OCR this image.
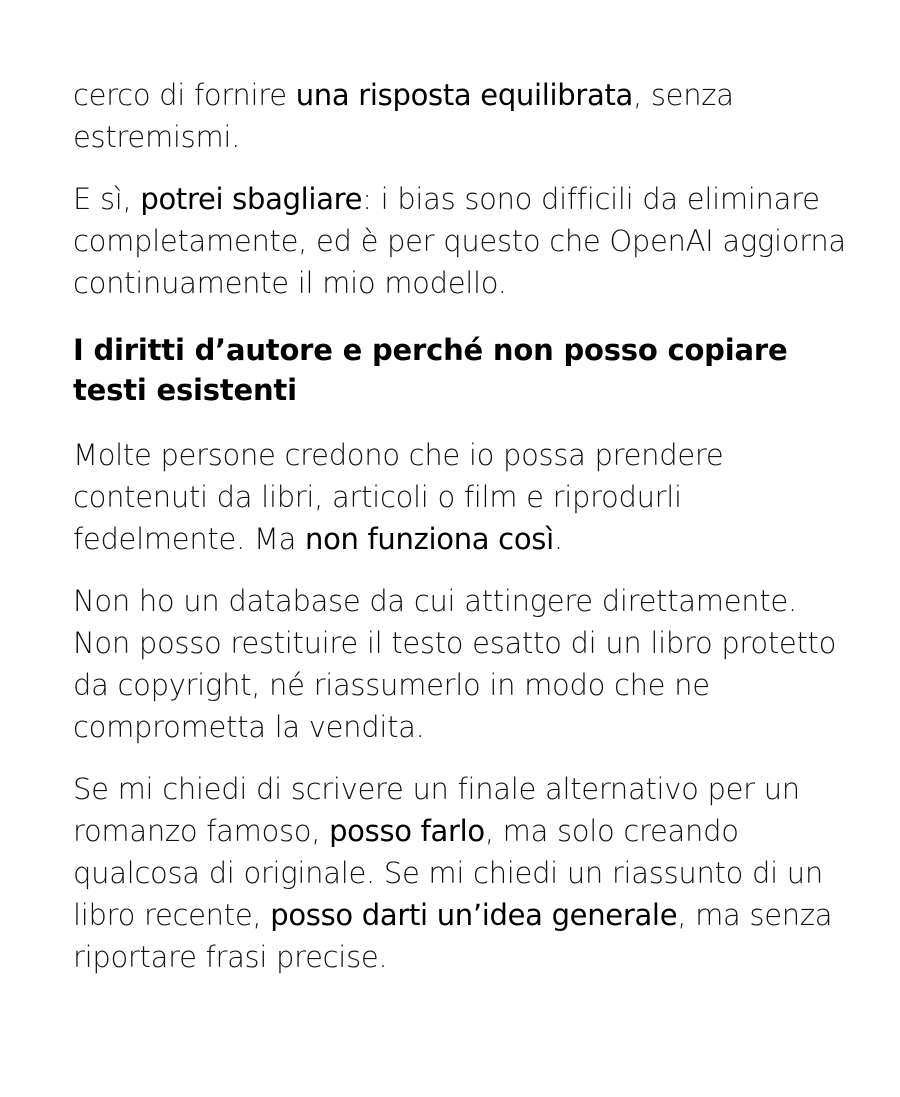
cerco di fornire una risposta equilibrata, senza estremismi.

E sì, potrei sbagliare: i bias sono difficili da eliminare completamente, ed è per questo che OpenAI aggiorna continuamente il mio modello.

I diritti d’autore e perché non posso copiare testi esistenti

Molte persone credono che io possa prendere contenuti da libri, articoli o film e riprodurli fedelmente. Ma non funziona così.

Non ho un database da cui attingere direttamente. Non posso restituire il testo esatto di un libro protetto da copyright, né riassumerlo in modo che ne comprometta la vendita.

Se mi chiedi di scrivere un finale alternativo per un romanzo famoso, posso farlo, ma solo creando qualcosa di originale. Se mi chiedi un riassunto di un libro recente, posso darti un’idea generale, ma senza riportare frasi precise.
